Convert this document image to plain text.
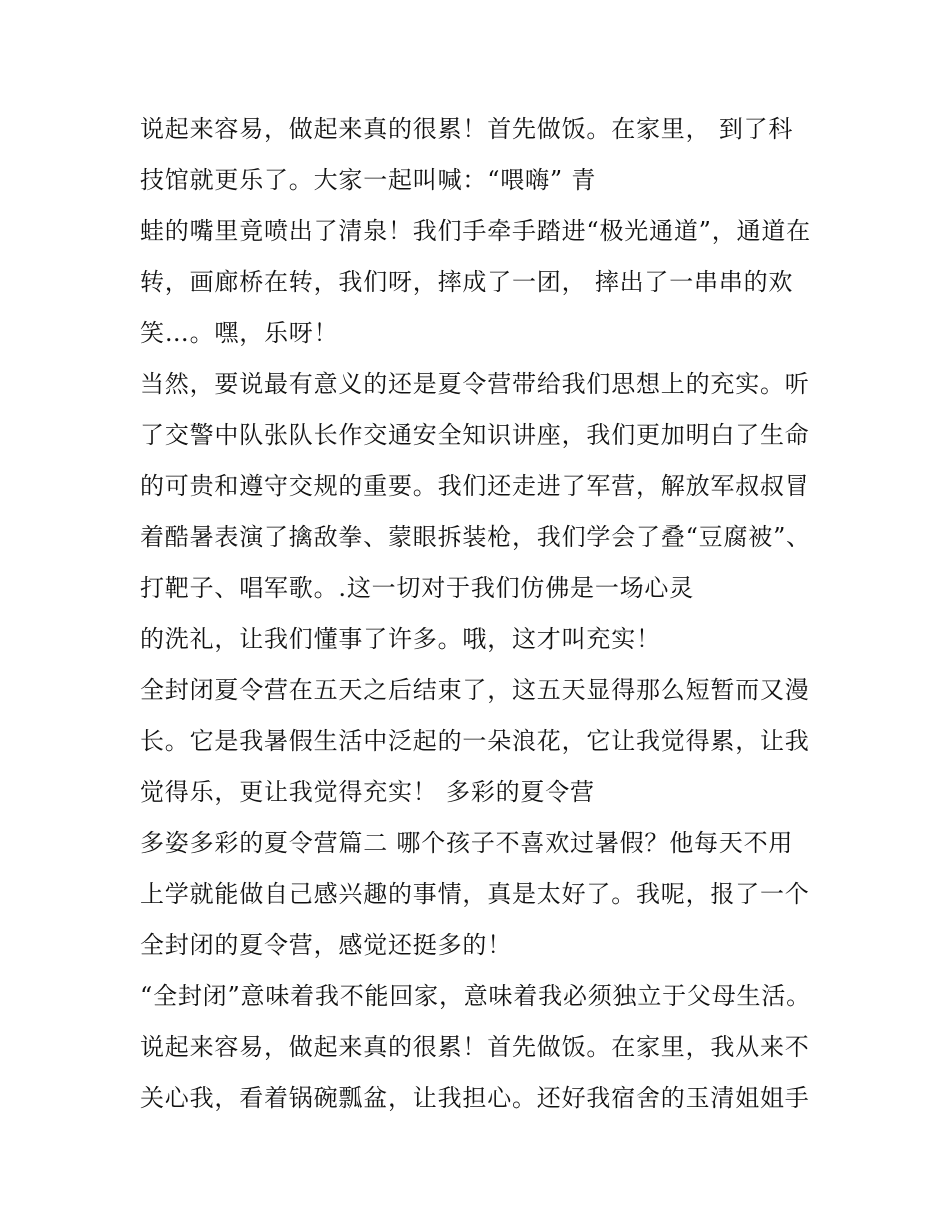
说起来容易，做起来真的很累！首先做饭。在家里， 到了科
技馆就更乐了。大家一起叫喊：“喂嗨” 青
蛙的嘴里竟喷出了清泉！我们手牵手踏进“极光通道”，通道在
转，画廊桥在转，我们呀，摔成了一团， 摔出了一串串的欢
笑…。嘿，乐呀！
当然，要说最有意义的还是夏令营带给我们思想上的充实。听
了交警中队张队长作交通安全知识讲座，我们更加明白了生命
的可贵和遵守交规的重要。我们还走进了军营，解放军叔叔冒
着酷暑表演了擒敌拳、蒙眼拆装枪，我们学会了叠“豆腐被”、
打靶子、唱军歌。.这一切对于我们仿佛是一场心灵
的洗礼，让我们懂事了许多。哦，这才叫充实！
全封闭夏令营在五天之后结束了，这五天显得那么短暂而又漫
长。它是我暑假生活中泛起的一朵浪花，它让我觉得累，让我
觉得乐，更让我觉得充实！ 多彩的夏令营
多姿多彩的夏令营篇二 哪个孩子不喜欢过暑假？他每天不用
上学就能做自己感兴趣的事情，真是太好了。我呢，报了一个
全封闭的夏令营，感觉还挺多的！
“全封闭”意味着我不能回家，意味着我必须独立于父母生活。
说起来容易，做起来真的很累！首先做饭。在家里，我从来不
关心我，看着锅碗瓢盆，让我担心。还好我宿舍的玉清姐姐手
